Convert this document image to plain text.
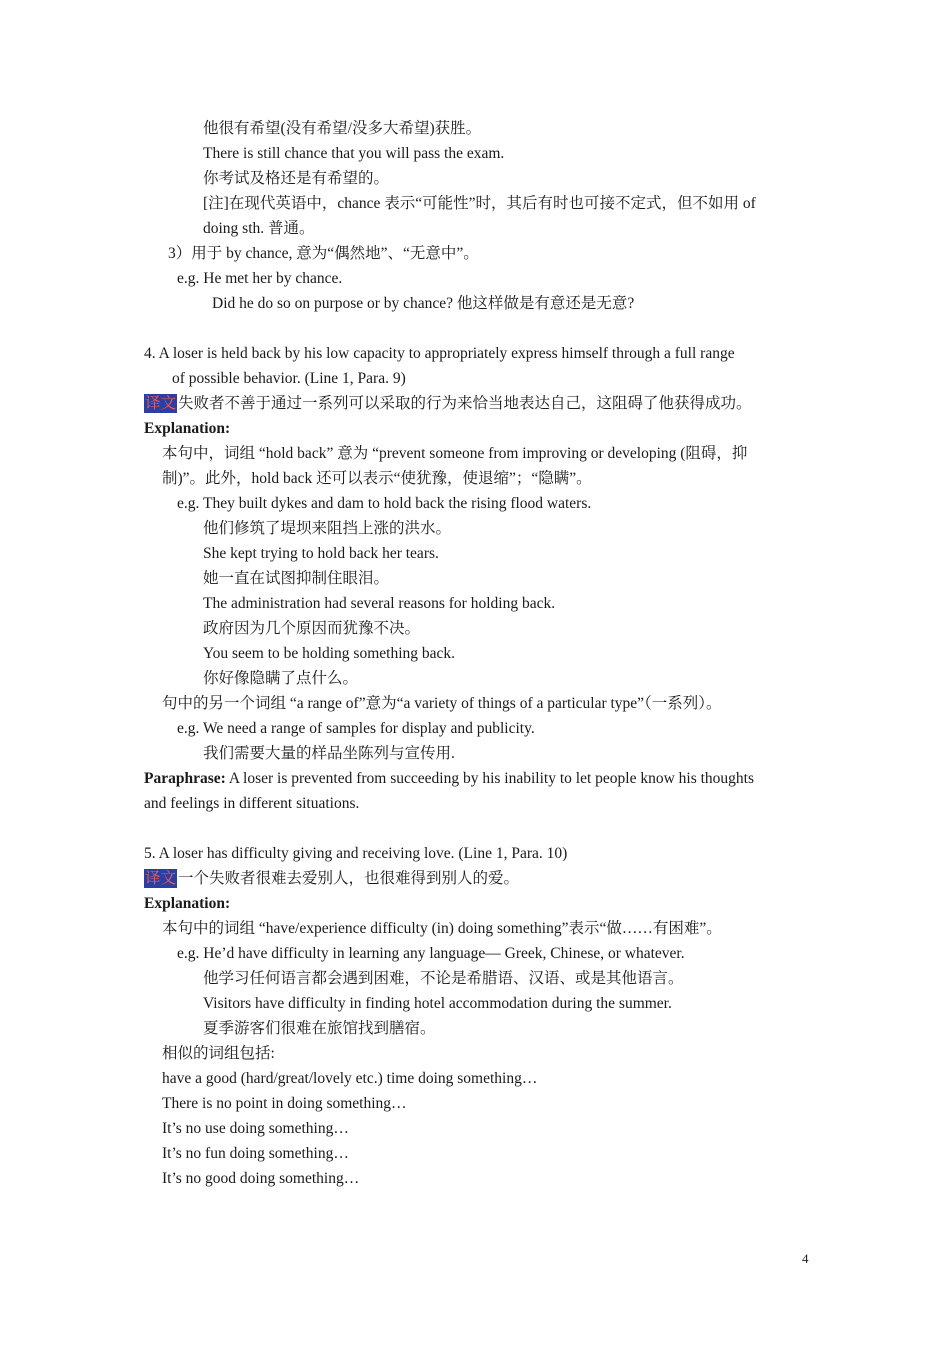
他很有希望(没有希望/没多大希望)获胜。
There is still chance that you will pass the exam.
你考试及格还是有希望的。
[注]在现代英语中，chance 表示“可能性”时，其后有时也可接不定式，但不如用 of
doing sth. 普通。
3）用于 by chance, 意为“偶然地”、“无意中”。
e.g. He met her by chance.
Did he do so on purpose or by chance? 他这样做是有意还是无意?
4. A loser is held back by his low capacity to appropriately express himself through a full range
of possible behavior. (Line 1, Para. 9)
译文 失败者不善于通过一系列可以采取的行为来恰当地表达自己，这阻碍了他获得成功。
Explanation:
本句中，词组 “hold back” 意为 “prevent someone from improving or developing (阻碍，抑
制)”。此外，hold back 还可以表示“使犹豫，使退缩”；“隐瞒”。
e.g. They built dykes and dam to hold back the rising flood waters.
他们修筑了堤坝来阻挡上涨的洪水。
She kept trying to hold back her tears.
她一直在试图抑制住眼泪。
The administration had several reasons for holding back.
政府因为几个原因而犹豫不决。
You seem to be holding something back.
你好像隐瞒了点什么。
句中的另一个词组 “a range of”意为“a variety of things of a particular type”（一系列）。
e.g. We need a range of samples for display and publicity.
我们需要大量的样品坐陈列与宣传用.
Paraphrase: A loser is prevented from succeeding by his inability to let people know his thoughts
and feelings in different situations.
5. A loser has difficulty giving and receiving love. (Line 1, Para. 10)
译文 一个失败者很难去爱别人，也很难得到别人的爱。
Explanation:
本句中的词组 “have/experience difficulty (in) doing something”表示“做……有困难”。
e.g. He’d have difficulty in learning any language— Greek, Chinese, or whatever.
他学习任何语言都会遇到困难，不论是希腊语、汉语、或是其他语言。
Visitors have difficulty in finding hotel accommodation during the summer.
夏季游客们很难在旅馆找到膳宿。
相似的词组包括:
have a good (hard/great/lovely etc.) time doing something…
There is no point in doing something…
It’s no use doing something…
It’s no fun doing something…
It’s no good doing something…
4
